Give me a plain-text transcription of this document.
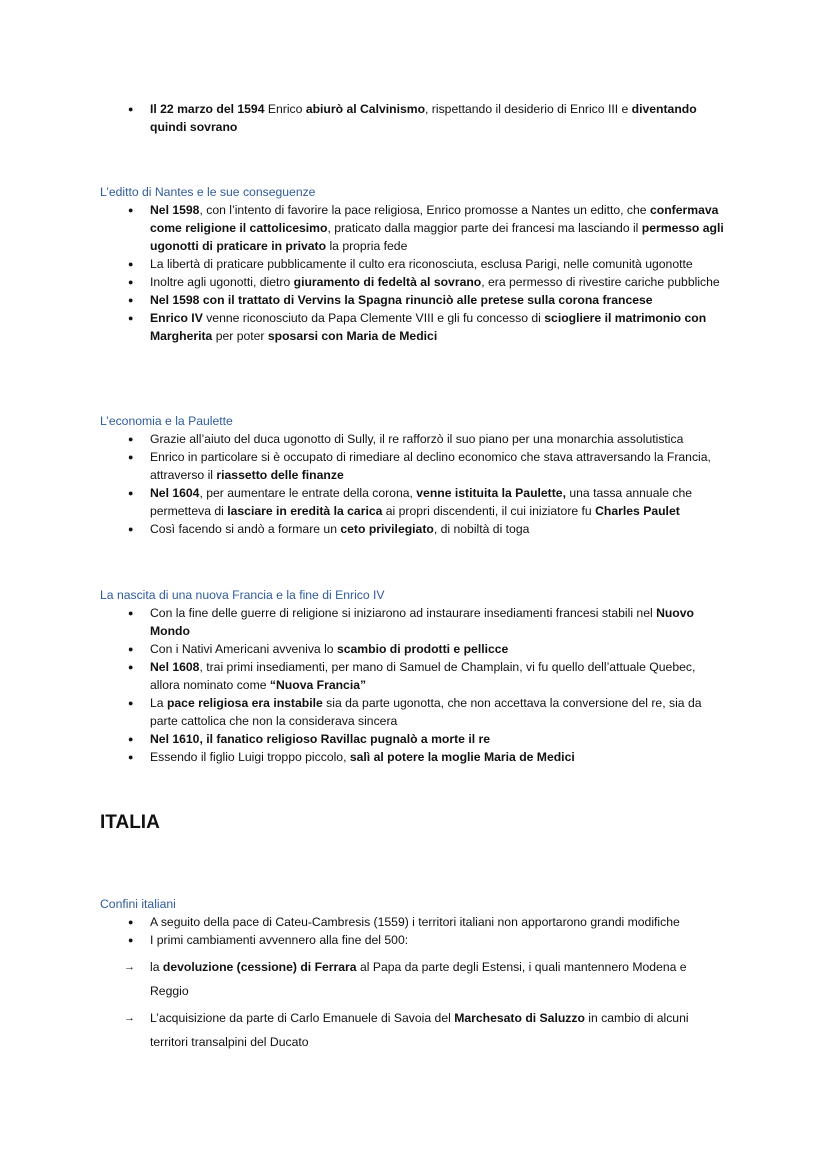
● Il 22 marzo del 1594 Enrico abiurò al Calvinismo, rispettando il desiderio di Enrico III e diventando quindi sovrano
L’editto di Nantes e le sue conseguenze
● Nel 1598, con l’intento di favorire la pace religiosa, Enrico promosse a Nantes un editto, che confermava come religione il cattolicesimo, praticato dalla maggior parte dei francesi ma lasciando il permesso agli ugonotti di praticare in privato la propria fede
● La libertà di praticare pubblicamente il culto era riconosciuta, esclusa Parigi, nelle comunità ugonotte
● Inoltre agli ugonotti, dietro giuramento di fedeltà al sovrano, era permesso di rivestire cariche pubbliche
● Nel 1598 con il trattato di Vervins la Spagna rinunciò alle pretese sulla corona francese
● Enrico IV venne riconosciuto da Papa Clemente VIII e gli fu concesso di sciogliere il matrimonio con Margherita per poter sposarsi con Maria de Medici
L’economia e la Paulette
● Grazie all’aiuto del duca ugonotto di Sully, il re rafforzò il suo piano per una monarchia assolutistica
● Enrico in particolare si è occupato di rimediare al declino economico che stava attraversando la Francia, attraverso il riassetto delle finanze
● Nel 1604, per aumentare le entrate della corona, venne istituita la Paulette, una tassa annuale che permetteva di lasciare in eredità la carica ai propri discendenti, il cui iniziatore fu Charles Paulet
● Così facendo si andò a formare un ceto privilegiato, di nobiltà di toga
La nascita di una nuova Francia e la fine di Enrico IV
● Con la fine delle guerre di religione si iniziarono ad instaurare insediamenti francesi stabili nel Nuovo Mondo
● Con i Nativi Americani avveniva lo scambio di prodotti e pellicce
● Nel 1608, trai primi insediamenti, per mano di Samuel de Champlain, vi fu quello dell’attuale Quebec, allora nominato come “Nuova Francia”
● La pace religiosa era instabile sia da parte ugonotta, che non accettava la conversione del re, sia da parte cattolica che non la considerava sincera
● Nel 1610, il fanatico religioso Ravillac pugnalò a morte il re
● Essendo il figlio Luigi troppo piccolo, salì al potere la moglie Maria de Medici
ITALIA
Confini italiani
● A seguito della pace di Cateu-Cambresis (1559) i territori italiani non apportarono grandi modifiche
● I primi cambiamenti avvennero alla fine del 500:
→ la devoluzione (cessione) di Ferrara al Papa da parte degli Estensi, i quali mantennero Modena e Reggio
→ L’acquisizione da parte di Carlo Emanuele di Savoia del Marchesato di Saluzzo in cambio di alcuni territori transalpini del Ducato
